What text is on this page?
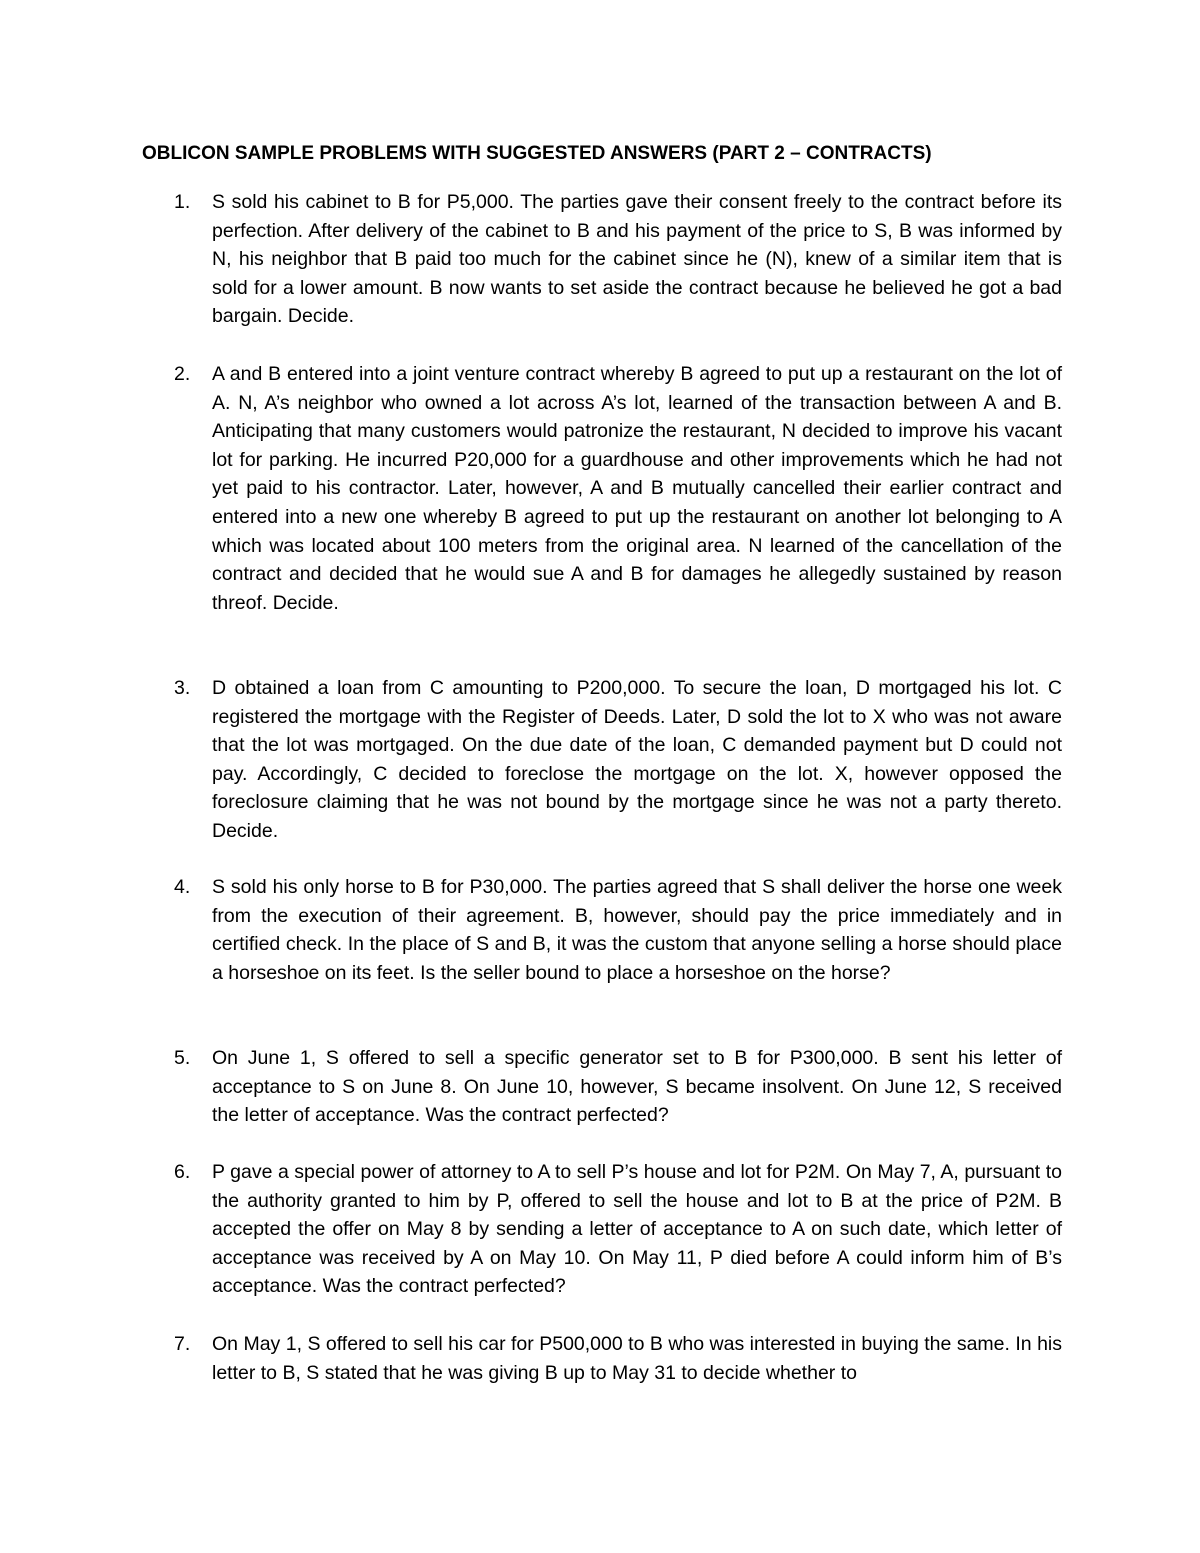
OBLICON SAMPLE PROBLEMS WITH SUGGESTED ANSWERS (PART 2 – CONTRACTS)
1.	S sold his cabinet to B for P5,000. The parties gave their consent freely to the contract before its perfection. After delivery of the cabinet to B and his payment of the price to S, B was informed by N, his neighbor that B paid too much for the cabinet since he (N), knew of a similar item that is sold for a lower amount. B now wants to set aside the contract because he believed he got a bad bargain. Decide.
2.	A and B entered into a joint venture contract whereby B agreed to put up a restaurant on the lot of A. N, A’s neighbor who owned a lot across A’s lot, learned of the transaction between A and B. Anticipating that many customers would patronize the restaurant, N decided to improve his vacant lot for parking. He incurred P20,000 for a guardhouse and other improvements which he had not yet paid to his contractor. Later, however, A and B mutually cancelled their earlier contract and entered into a new one whereby B agreed to put up the restaurant on another lot belonging to A which was located about 100 meters from the original area. N learned of the cancellation of the contract and decided that he would sue A and B for damages he allegedly sustained by reason threof. Decide.
3.	D obtained a loan from C amounting to P200,000. To secure the loan, D mortgaged his lot. C registered the mortgage with the Register of Deeds. Later, D sold the lot to X who was not aware that the lot was mortgaged. On the due date of the loan, C demanded payment but D could not pay. Accordingly, C decided to foreclose the mortgage on the lot. X, however opposed the foreclosure claiming that he was not bound by the mortgage since he was not a party thereto. Decide.
4.	S sold his only horse to B for P30,000. The parties agreed that S shall deliver the horse one week from the execution of their agreement. B, however, should pay the price immediately and in certified check. In the place of S and B, it was the custom that anyone selling a horse should place a horseshoe on its feet. Is the seller bound to place a horseshoe on the horse?
5.	On June 1, S offered to sell a specific generator set to B for P300,000. B sent his letter of acceptance to S on June 8. On June 10, however, S became insolvent. On June 12, S received the letter of acceptance. Was the contract perfected?
6.	P gave a special power of attorney to A to sell P’s house and lot for P2M. On May 7, A, pursuant to the authority granted to him by P, offered to sell the house and lot to B at the price of P2M. B accepted the offer on May 8 by sending a letter of acceptance to A on such date, which letter of acceptance was received by A on May 10. On May 11, P died before A could inform him of B’s acceptance. Was the contract perfected?
7.	On May 1, S offered to sell his car for P500,000 to B who was interested in buying the same. In his letter to B, S stated that he was giving B up to May 31 to decide whether to
